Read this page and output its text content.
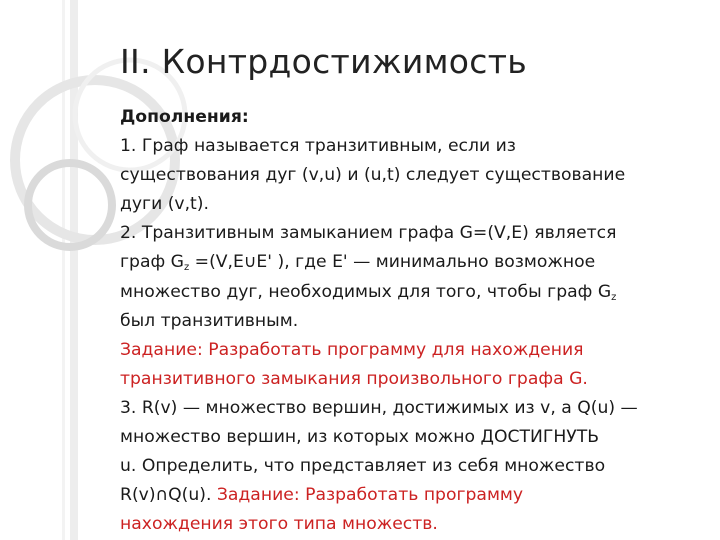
II. Контрдостижимость
Дополнения:
1. Граф называется транзитивным, если из
существования дуг (v,u) и (u,t) следует существование
дуги (v,t).
2. Транзитивным замыканием графа G=(V,E) является
граф $G_z$ =(V,E∪E' ), где E' — минимально возможное
множество дуг, необходимых для того, чтобы граф $G_z$
был транзитивным.
Задание: Разработать программу для нахождения
транзитивного замыкания произвольного графа G.
3. R(v) — множество вершин, достижимых из v, а Q(u) —
множество вершин, из которых можно ДОСТИГНУТЬ
u. Определить, что представляет из себя множество
R(v)∩Q(u). Задание: Разработать программу
нахождения этого типа множеств.
